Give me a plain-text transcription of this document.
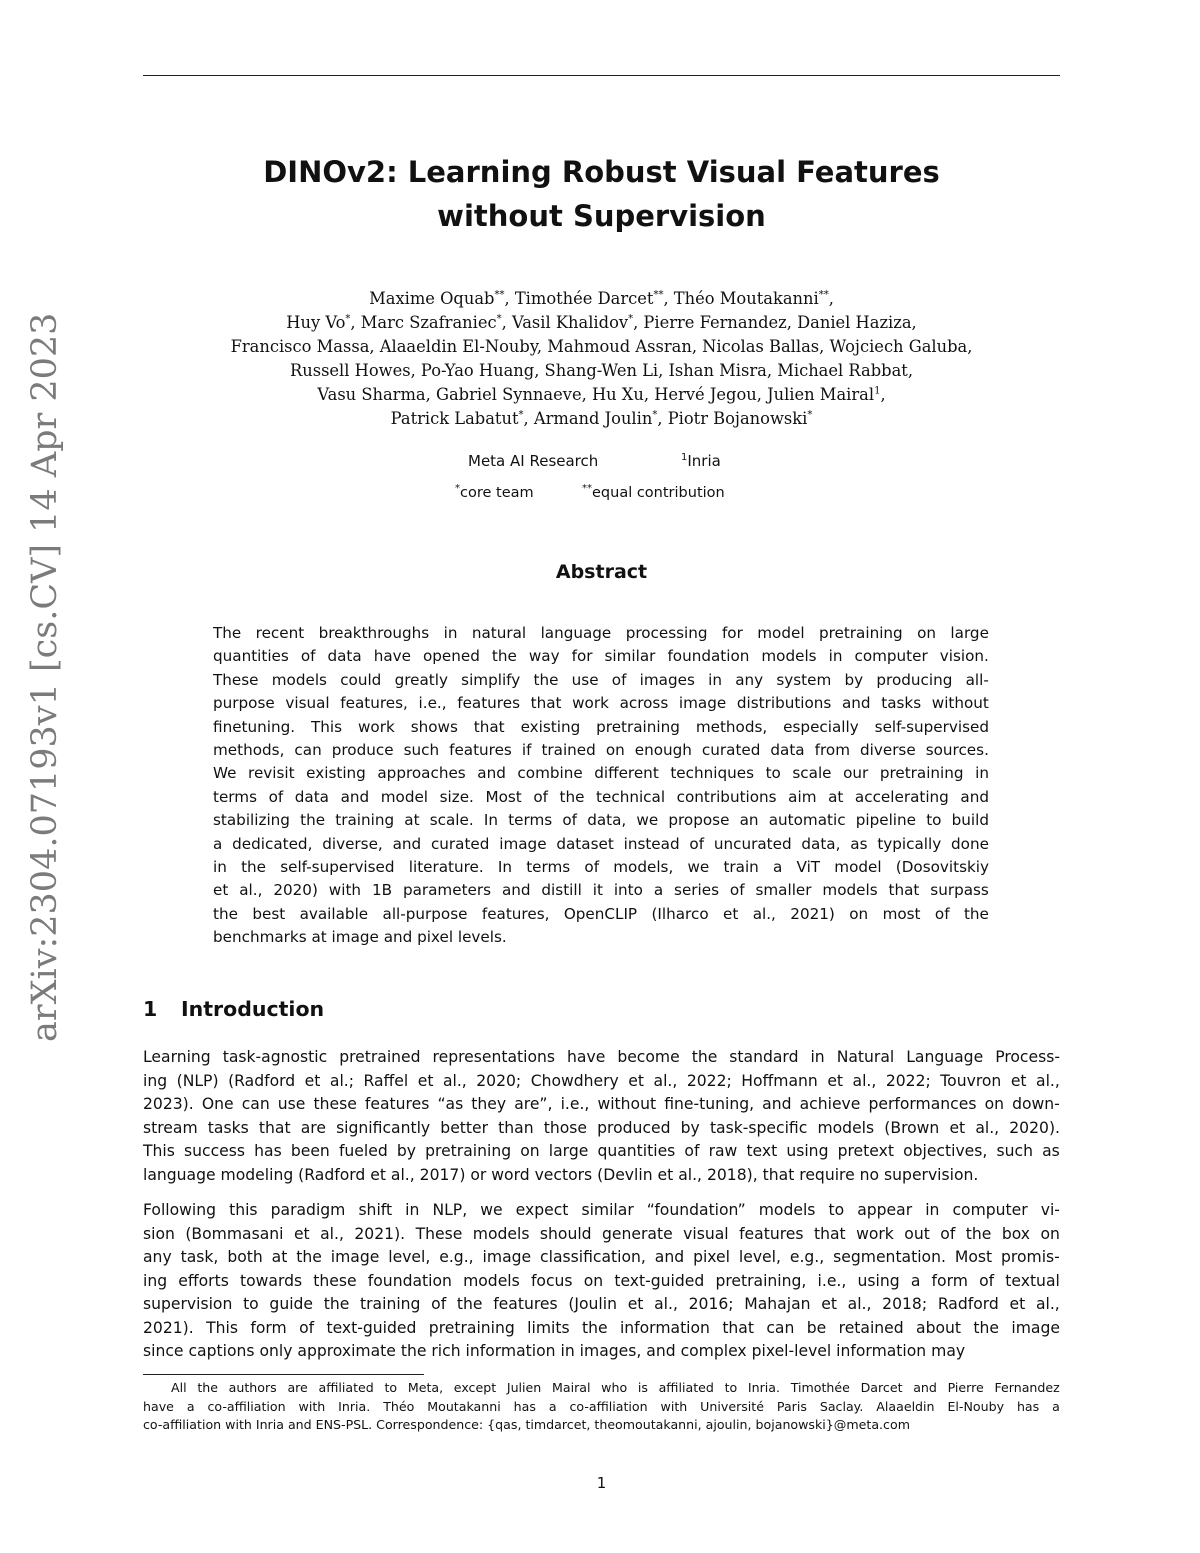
arXiv:2304.07193v1 [cs.CV] 14 Apr 2023
DINOv2: Learning Robust Visual Features
without Supervision
Maxime Oquab**, Timothée Darcet**, Théo Moutakanni**,
Huy Vo*, Marc Szafraniec*, Vasil Khalidov*, Pierre Fernandez, Daniel Haziza,
Francisco Massa, Alaaeldin El-Nouby, Mahmoud Assran, Nicolas Ballas, Wojciech Galuba,
Russell Howes, Po-Yao Huang, Shang-Wen Li, Ishan Misra, Michael Rabbat,
Vasu Sharma, Gabriel Synnaeve, Hu Xu, Hervé Jegou, Julien Mairal$^1$,
Patrick Labatut*, Armand Joulin*, Piotr Bojanowski*
Meta AI Research	$^1$Inria
*core team	**equal contribution
Abstract
The recent breakthroughs in natural language processing for model pretraining on large
quantities of data have opened the way for similar foundation models in computer vision.
These models could greatly simplify the use of images in any system by producing all-
purpose visual features, i.e., features that work across image distributions and tasks without
finetuning. This work shows that existing pretraining methods, especially self-supervised
methods, can produce such features if trained on enough curated data from diverse sources.
We revisit existing approaches and combine different techniques to scale our pretraining in
terms of data and model size. Most of the technical contributions aim at accelerating and
stabilizing the training at scale. In terms of data, we propose an automatic pipeline to build
a dedicated, diverse, and curated image dataset instead of uncurated data, as typically done
in the self-supervised literature. In terms of models, we train a ViT model (Dosovitskiy
et al., 2020) with 1B parameters and distill it into a series of smaller models that surpass
the best available all-purpose features, OpenCLIP (Ilharco et al., 2021) on most of the
benchmarks at image and pixel levels.
1 Introduction
Learning task-agnostic pretrained representations have become the standard in Natural Language Process-
ing (NLP) (Radford et al.; Raffel et al., 2020; Chowdhery et al., 2022; Hoffmann et al., 2022; Touvron et al.,
2023). One can use these features “as they are”, i.e., without fine-tuning, and achieve performances on down-
stream tasks that are significantly better than those produced by task-specific models (Brown et al., 2020).
This success has been fueled by pretraining on large quantities of raw text using pretext objectives, such as
language modeling (Radford et al., 2017) or word vectors (Devlin et al., 2018), that require no supervision.
Following this paradigm shift in NLP, we expect similar “foundation” models to appear in computer vi-
sion (Bommasani et al., 2021). These models should generate visual features that work out of the box on
any task, both at the image level, e.g., image classification, and pixel level, e.g., segmentation. Most promis-
ing efforts towards these foundation models focus on text-guided pretraining, i.e., using a form of textual
supervision to guide the training of the features (Joulin et al., 2016; Mahajan et al., 2018; Radford et al.,
2021). This form of text-guided pretraining limits the information that can be retained about the image
since captions only approximate the rich information in images, and complex pixel-level information may
All the authors are affiliated to Meta, except Julien Mairal who is affiliated to Inria. Timothée Darcet and Pierre Fernandez
have a co-affiliation with Inria. Théo Moutakanni has a co-affiliation with Université Paris Saclay. Alaaeldin El-Nouby has a
co-affiliation with Inria and ENS-PSL. Correspondence: {qas, timdarcet, theomoutakanni, ajoulin, bojanowski}@meta.com
1
